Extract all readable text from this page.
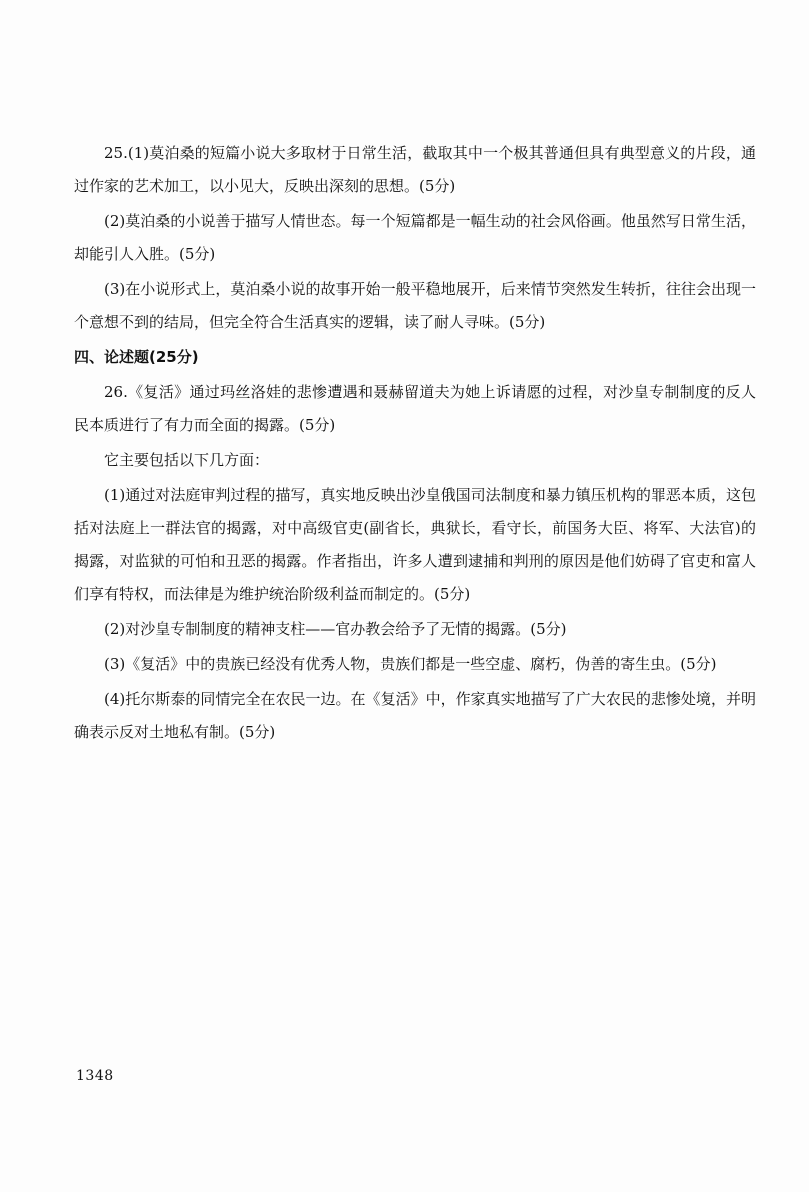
25.(1)莫泊桑的短篇小说大多取材于日常生活，截取其中一个极其普通但具有典型意义的片段，通过作家的艺术加工，以小见大，反映出深刻的思想。(5分)

(2)莫泊桑的小说善于描写人情世态。每一个短篇都是一幅生动的社会风俗画。他虽然写日常生活，却能引人入胜。(5分)

(3)在小说形式上，莫泊桑小说的故事开始一般平稳地展开，后来情节突然发生转折，往往会出现一个意想不到的结局，但完全符合生活真实的逻辑，读了耐人寻味。(5分)

四、论述题(25分)

26.《复活》通过玛丝洛娃的悲惨遭遇和聂赫留道夫为她上诉请愿的过程，对沙皇专制制度的反人民本质进行了有力而全面的揭露。(5分)

它主要包括以下几方面：

(1)通过对法庭审判过程的描写，真实地反映出沙皇俄国司法制度和暴力镇压机构的罪恶本质，这包括对法庭上一群法官的揭露，对中高级官吏(副省长，典狱长，看守长，前国务大臣、将军、大法官)的揭露，对监狱的可怕和丑恶的揭露。作者指出，许多人遭到逮捕和判刑的原因是他们妨碍了官吏和富人们享有特权，而法律是为维护统治阶级利益而制定的。(5分)

(2)对沙皇专制制度的精神支柱——官办教会给予了无情的揭露。(5分)

(3)《复活》中的贵族已经没有优秀人物，贵族们都是一些空虚、腐朽，伪善的寄生虫。(5分)

(4)托尔斯泰的同情完全在农民一边。在《复活》中，作家真实地描写了广大农民的悲惨处境，并明确表示反对土地私有制。(5分)

1348
